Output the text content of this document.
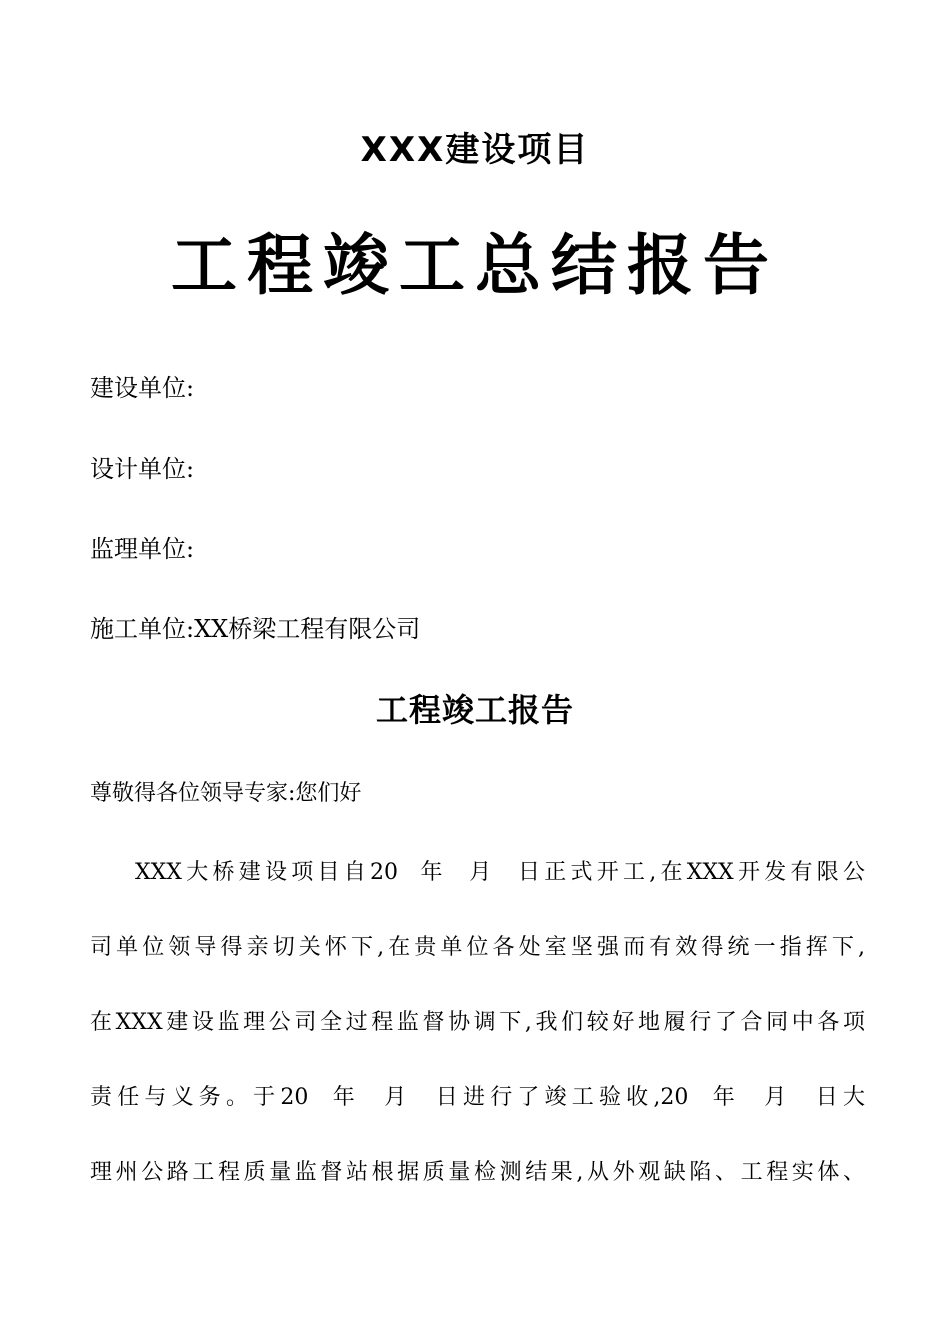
XXX建设项目
工程竣工总结报告
建设单位:
设计单位:
监理单位:
施工单位:XX桥梁工程有限公司
工程竣工报告
尊敬得各位领导专家:您们好
XXX大桥建设项目自20  年  月  日正式开工,在XXX开发有限公
司单位领导得亲切关怀下,在贵单位各处室坚强而有效得统一指挥下,
在XXX建设监理公司全过程监督协调下,我们较好地履行了合同中各项
责任与义务。于20  年  月  日进行了竣工验收,20  年  月  日大
理州公路工程质量监督站根据质量检测结果,从外观缺陷、工程实体、
